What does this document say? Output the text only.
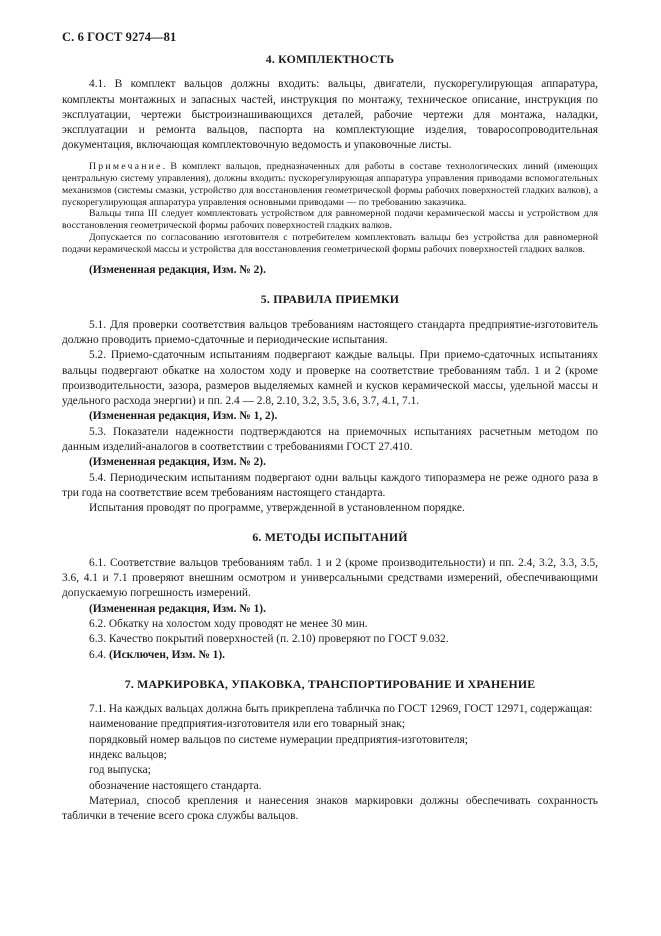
С. 6 ГОСТ 9274—81
4. КОМПЛЕКТНОСТЬ

4.1. В комплект вальцов должны входить: вальцы, двигатели, пускорегулирующая аппаратура, комплекты монтажных и запасных частей, инструкция по монтажу, техническое описание, инструкция по эксплуатации, чертежи быстроизнашивающихся деталей, рабочие чертежи для монтажа, наладки, эксплуатации и ремонта вальцов, паспорта на комплектующие изделия, товаросопроводительная документация, включающая комплектовочную ведомость и упаковочные листы.

Примечание. В комплект вальцов, предназначенных для работы в составе технологических линий (имеющих центральную систему управления), должны входить: пускорегулирующая аппаратура управления приводами вспомогательных механизмов (системы смазки, устройство для восстановления геометрической формы рабочих поверхностей гладких валков), а пускорегулирующая аппаратура управления основными приводами — по требованию заказчика.

Вальцы типа III следует комплектовать устройством для равномерной подачи керамической массы и устройством для восстановления геометрической формы рабочих поверхностей гладких валков.

Допускается по согласованию изготовителя с потребителем комплектовать вальцы без устройства для равномерной подачи керамической массы и устройства для восстановления геометрической формы рабочих поверхностей гладких валков.

(Измененная редакция, Изм. № 2).

5. ПРАВИЛА ПРИЕМКИ

5.1. Для проверки соответствия вальцов требованиям настоящего стандарта предприятие-изготовитель должно проводить приемо-сдаточные и периодические испытания.

5.2. Приемо-сдаточным испытаниям подвергают каждые вальцы. При приемо-сдаточных испытаниях вальцы подвергают обкатке на холостом ходу и проверке на соответствие требованиям табл. 1 и 2 (кроме производительности, зазора, размеров выделяемых камней и кусков керамической массы, удельной массы и удельного расхода энергии) и пп. 2.4 — 2.8, 2.10, 3.2, 3.5, 3.6, 3.7, 4.1, 7.1.

(Измененная редакция, Изм. № 1, 2).

5.3. Показатели надежности подтверждаются на приемочных испытаниях расчетным методом по данным изделий-аналогов в соответствии с требованиями ГОСТ 27.410.

(Измененная редакция, Изм. № 2).

5.4. Периодическим испытаниям подвергают одни вальцы каждого типоразмера не реже одного раза в три года на соответствие всем требованиям настоящего стандарта.

Испытания проводят по программе, утвержденной в установленном порядке.

6. МЕТОДЫ ИСПЫТАНИЙ

6.1. Соответствие вальцов требованиям табл. 1 и 2 (кроме производительности) и пп. 2.4, 3.2, 3.3, 3.5, 3.6, 4.1 и 7.1 проверяют внешним осмотром и универсальными средствами измерений, обеспечивающими допускаемую погрешность измерений.

(Измененная редакция, Изм. № 1).

6.2. Обкатку на холостом ходу проводят не менее 30 мин.

6.3. Качество покрытий поверхностей (п. 2.10) проверяют по ГОСТ 9.032.

6.4. (Исключен, Изм. № 1).

7. МАРКИРОВКА, УПАКОВКА, ТРАНСПОРТИРОВАНИЕ И ХРАНЕНИЕ

7.1. На каждых вальцах должна быть прикреплена табличка по ГОСТ 12969, ГОСТ 12971, содержащая:

наименование предприятия-изготовителя или его товарный знак;

порядковый номер вальцов по системе нумерации предприятия-изготовителя;

индекс вальцов;

год выпуска;

обозначение настоящего стандарта.

Материал, способ крепления и нанесения знаков маркировки должны обеспечивать сохранность таблички в течение всего срока службы вальцов.
